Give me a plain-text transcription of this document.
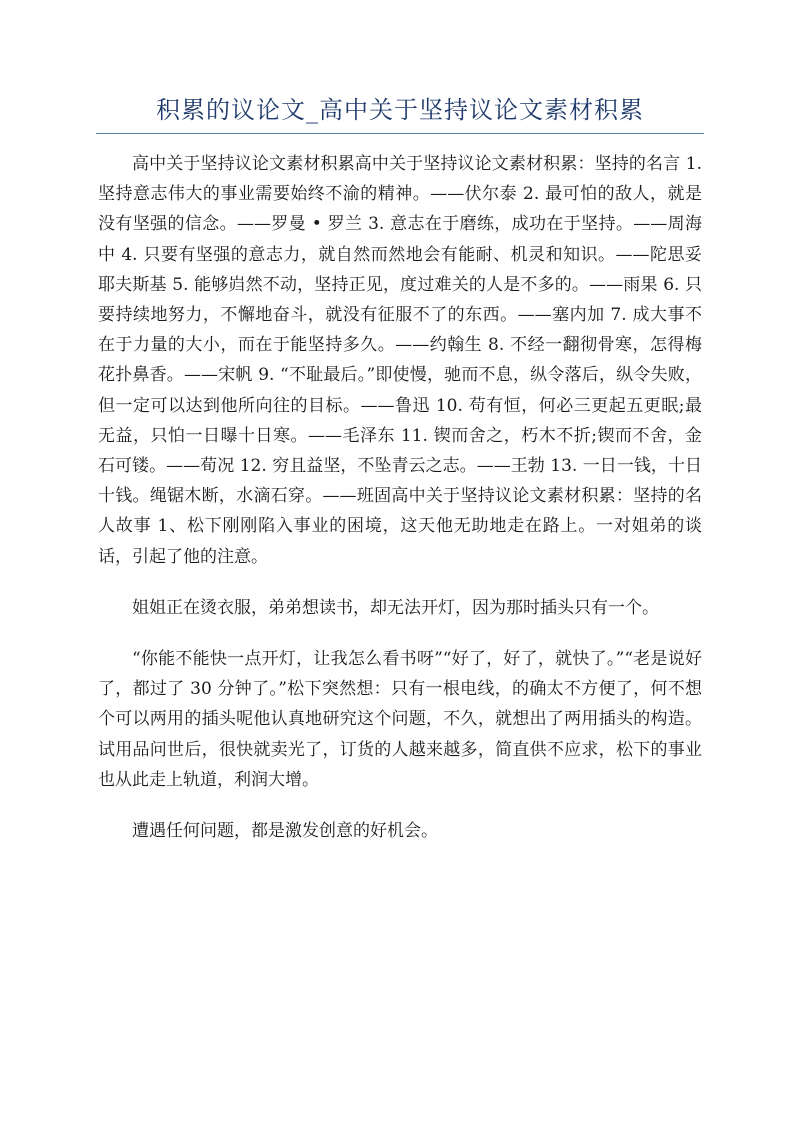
积累的议论文_高中关于坚持议论文素材积累

高中关于坚持议论文素材积累高中关于坚持议论文素材积累：坚持的名言 1. 坚持意志伟大的事业需要始终不渝的精神。——伏尔泰 2. 最可怕的敌人，就是没有坚强的信念。——罗曼 • 罗兰 3. 意志在于磨练，成功在于坚持。——周海中 4. 只要有坚强的意志力，就自然而然地会有能耐、机灵和知识。——陀思妥耶夫斯基 5. 能够岿然不动，坚持正见，度过难关的人是不多的。——雨果 6. 只要持续地努力，不懈地奋斗，就没有征服不了的东西。——塞内加 7. 成大事不在于力量的大小，而在于能坚持多久。——约翰生 8. 不经一翻彻骨寒，怎得梅花扑鼻香。——宋帆 9. “不耻最后。”即使慢，驰而不息，纵令落后，纵令失败，但一定可以达到他所向往的目标。——鲁迅 10. 苟有恒，何必三更起五更眠;最无益，只怕一日曝十日寒。——毛泽东 11. 锲而舍之，朽木不折;锲而不舍，金石可镂。——荀况 12. 穷且益坚，不坠青云之志。——王勃 13. 一日一钱，十日十钱。绳锯木断，水滴石穿。——班固高中关于坚持议论文素材积累：坚持的名人故事 1、松下刚刚陷入事业的困境，这天他无助地走在路上。一对姐弟的谈话，引起了他的注意。

姐姐正在烫衣服，弟弟想读书，却无法开灯，因为那时插头只有一个。

“你能不能快一点开灯，让我怎么看书呀”“好了，好了，就快了。”“老是说好了，都过了 30 分钟了。”松下突然想：只有一根电线，的确太不方便了，何不想个可以两用的插头呢他认真地研究这个问题，不久，就想出了两用插头的构造。试用品问世后，很快就卖光了，订货的人越来越多，简直供不应求，松下的事业也从此走上轨道，利润大增。

遭遇任何问题，都是激发创意的好机会。
